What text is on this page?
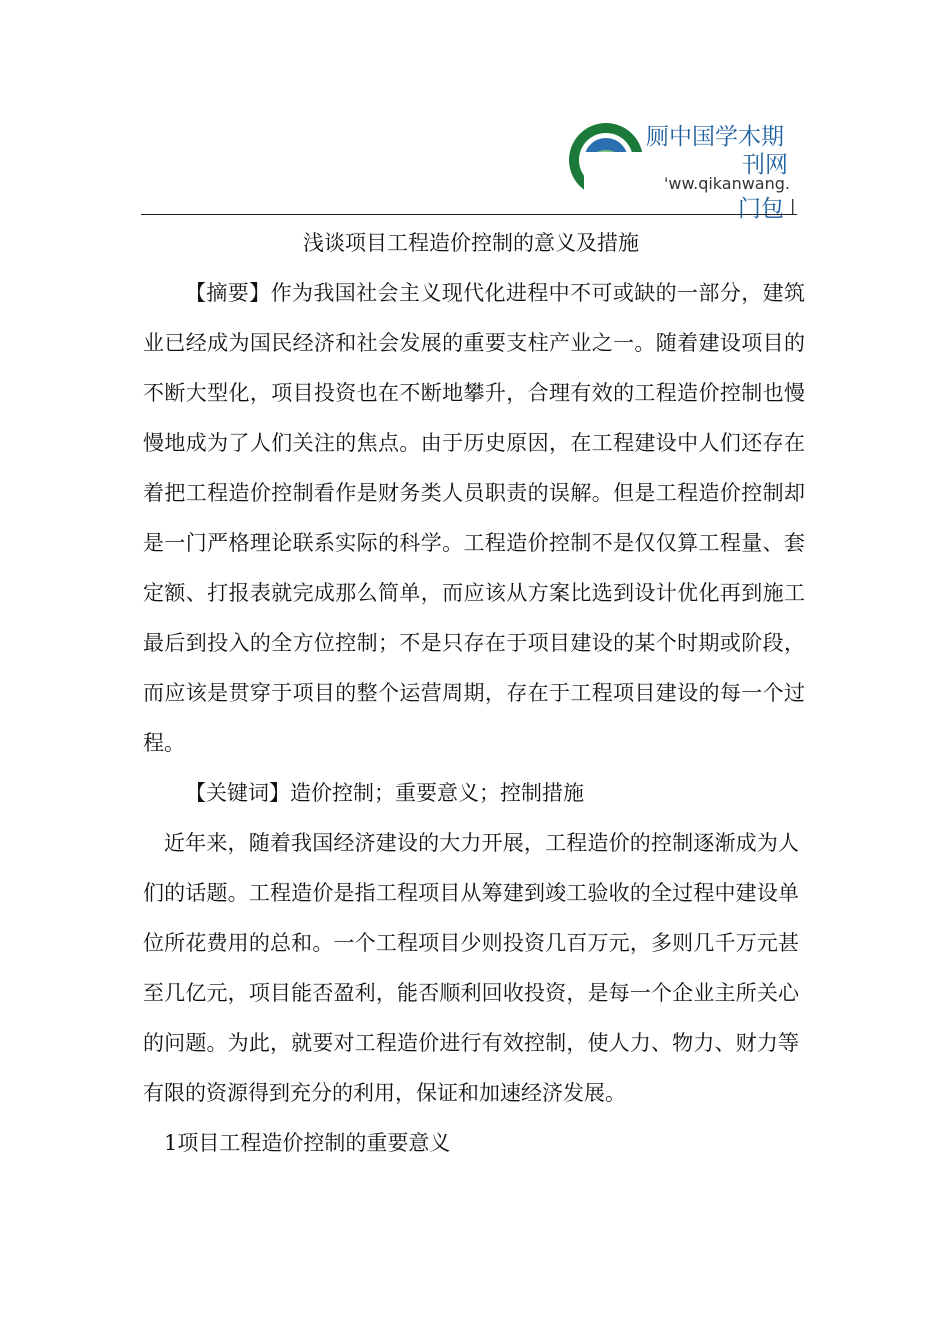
厕中国学木期
刊网
'ww.qikanwang.
门包 |
浅谈项目工程造价控制的意义及措施

【摘要】作为我国社会主义现代化进程中不可或缺的一部分，建筑业已经成为国民经济和社会发展的重要支柱产业之一。随着建设项目的不断大型化，项目投资也在不断地攀升，合理有效的工程造价控制也慢慢地成为了人们关注的焦点。由于历史原因，在工程建设中人们还存在着把工程造价控制看作是财务类人员职责的误解。但是工程造价控制却是一门严格理论联系实际的科学。工程造价控制不是仅仅算工程量、套定额、打报表就完成那么简单，而应该从方案比选到设计优化再到施工最后到投入的全方位控制；不是只存在于项目建设的某个时期或阶段，而应该是贯穿于项目的整个运营周期，存在于工程项目建设的每一个过程。

【关键词】造价控制；重要意义；控制措施

近年来，随着我国经济建设的大力开展，工程造价的控制逐渐成为人们的话题。工程造价是指工程项目从筹建到竣工验收的全过程中建设单位所花费用的总和。一个工程项目少则投资几百万元，多则几千万元甚至几亿元，项目能否盈利，能否顺利回收投资，是每一个企业主所关心的问题。为此，就要对工程造价进行有效控制，使人力、物力、财力等有限的资源得到充分的利用，保证和加速经济发展。

1项目工程造价控制的重要意义
